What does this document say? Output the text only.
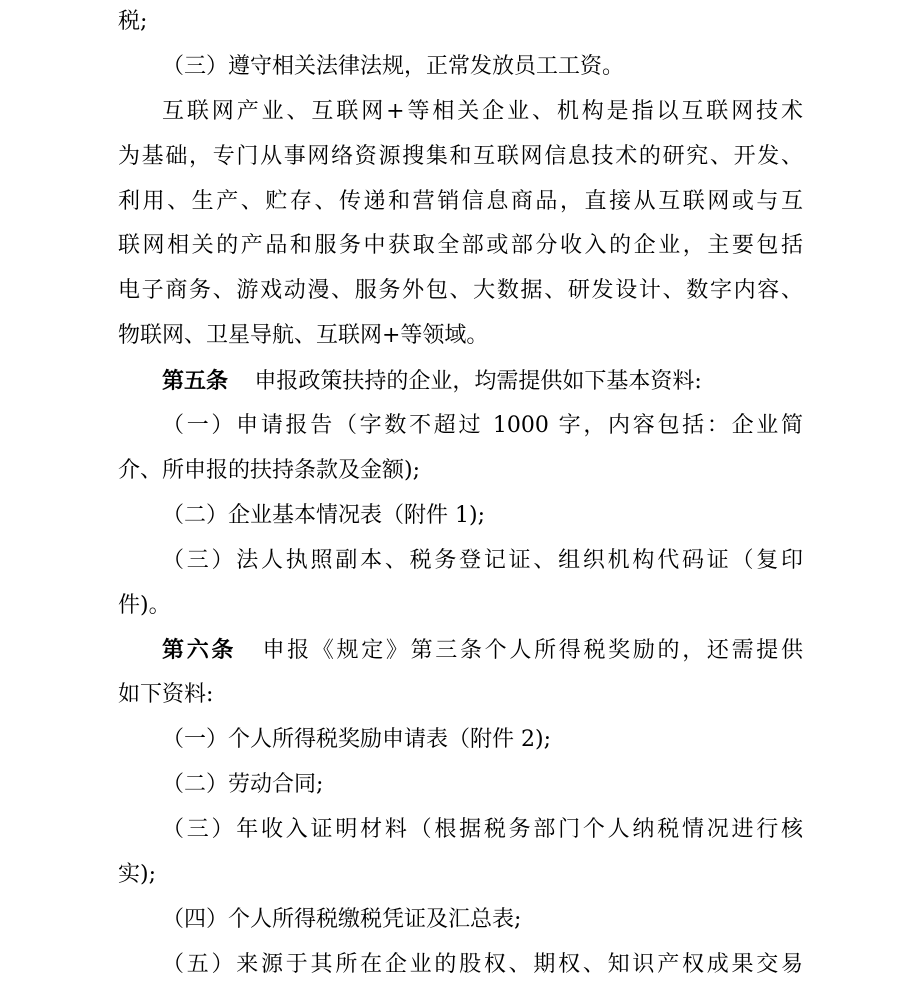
税;
（三）遵守相关法律法规，正常发放员工工资。
互联网产业、互联网+等相关企业、机构是指以互联网技术
为基础，专门从事网络资源搜集和互联网信息技术的研究、开发、
利用、生产、贮存、传递和营销信息商品，直接从互联网或与互
联网相关的产品和服务中获取全部或部分收入的企业，主要包括
电子商务、游戏动漫、服务外包、大数据、研发设计、数字内容、
物联网、卫星导航、互联网+等领域。
第五条 申报政策扶持的企业，均需提供如下基本资料:
（一）申请报告（字数不超过 1000 字，内容包括：企业简
介、所申报的扶持条款及金额);
（二）企业基本情况表（附件 1);
（三）法人执照副本、税务登记证、组织机构代码证（复印
件)。
第六条 申报《规定》第三条个人所得税奖励的，还需提供
如下资料:
（一）个人所得税奖励申请表（附件 2);
（二）劳动合同;
（三）年收入证明材料（根据税务部门个人纳税情况进行核
实);
（四）个人所得税缴税凭证及汇总表;
（五）来源于其所在企业的股权、期权、知识产权成果交易
